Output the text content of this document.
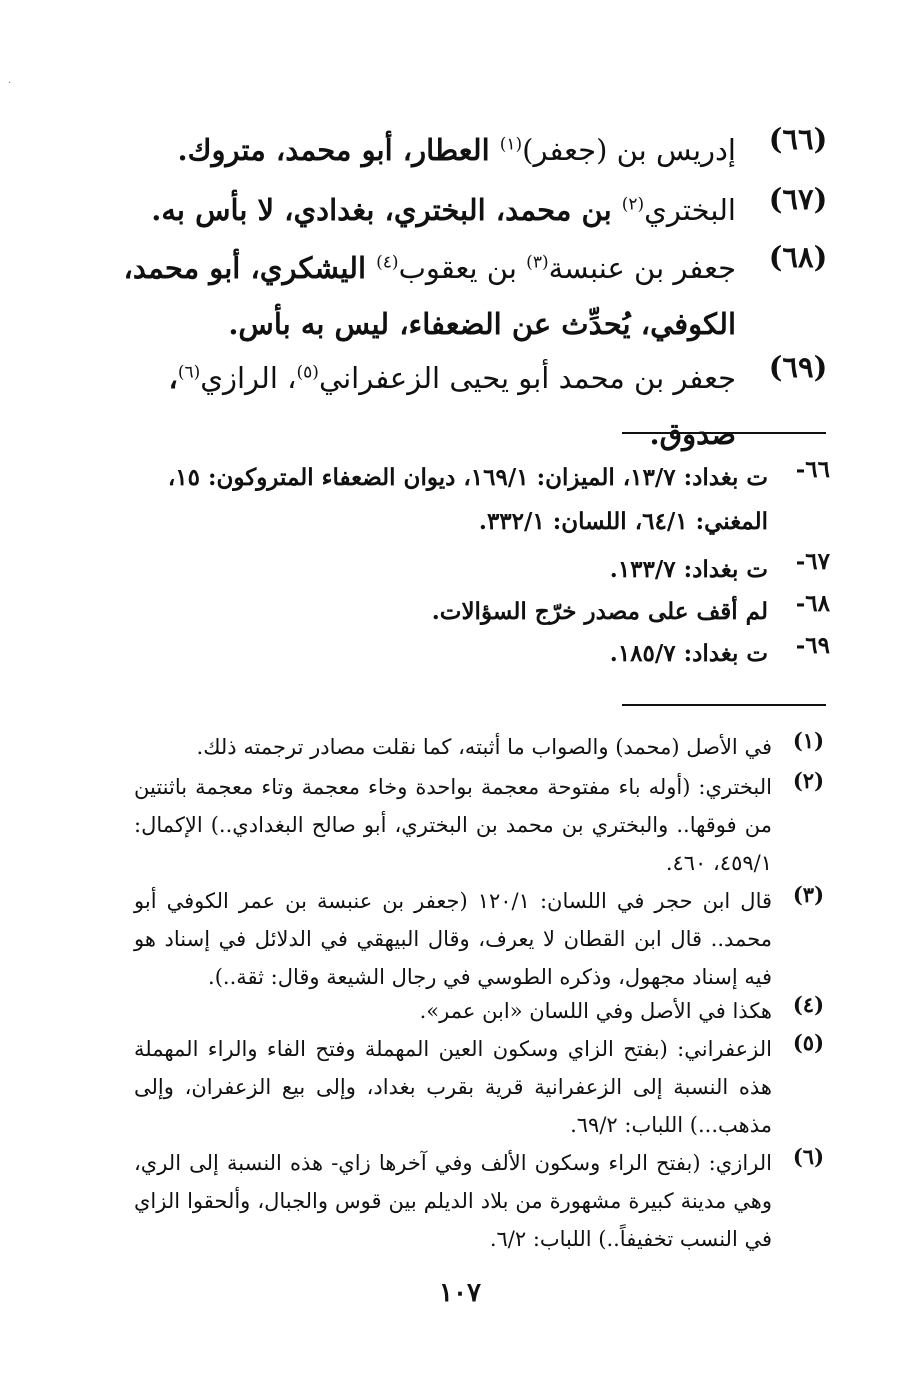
(٦٦)
إدريس بن (جعفر)$^{(١)}$ العطار، أبو محمد، متروك.
(٦٧)
البختري$^{(٢)}$ بن محمد، البختري، بغدادي، لا بأس به.
(٦٨)
جعفر بن عنبسة$^{(٣)}$ بن يعقوب$^{(٤)}$ اليشكري، أبو محمد، الكوفي، يُحدِّث عن الضعفاء، ليس به بأس.
(٦٩)
جعفر بن محمد أبو يحيى الزعفراني$^{(٥)}$، الرازي$^{(٦)}$، صدوق.
٦٦-
ت بغداد: ١٣/٧، الميزان: ١٦٩/١، ديوان الضعفاء المتروكون: ١٥، المغني: ٦٤/١، اللسان: ٣٣٢/١.
٦٧-
ت بغداد: ١٣٣/٧.
٦٨-
لم أقف على مصدر خرّج السؤالات.
٦٩-
ت بغداد: ١٨٥/٧.
(١)
في الأصل (محمد) والصواب ما أثبته، كما نقلت مصادر ترجمته ذلك.
(٢)
البختري: (أوله باء مفتوحة معجمة بواحدة وخاء معجمة وتاء معجمة باثنتين من فوقها.. والبختري بن محمد بن البختري، أبو صالح البغدادي..) الإكمال: ٤٥٩/١، ٤٦٠.
(٣)
قال ابن حجر في اللسان: ١٢٠/١ (جعفر بن عنبسة بن عمر الكوفي أبو محمد.. قال ابن القطان لا يعرف، وقال البيهقي في الدلائل في إسناد هو فيه إسناد مجهول، وذكره الطوسي في رجال الشيعة وقال: ثقة..).
(٤)
هكذا في الأصل وفي اللسان «ابن عمر».
(٥)
الزعفراني: (بفتح الزاي وسكون العين المهملة وفتح الفاء والراء المهملة هذه النسبة إلى الزعفرانية قرية بقرب بغداد، وإلى بيع الزعفران، وإلى مذهب...) اللباب: ٦٩/٢.
(٦)
الرازي: (بفتح الراء وسكون الألف وفي آخرها زاي- هذه النسبة إلى الري، وهي مدينة كبيرة مشهورة من بلاد الديلم بين قوس والجبال، وألحقوا الزاي في النسب تخفيفاً..) اللباب: ٦/٢.
١٠٧
·
